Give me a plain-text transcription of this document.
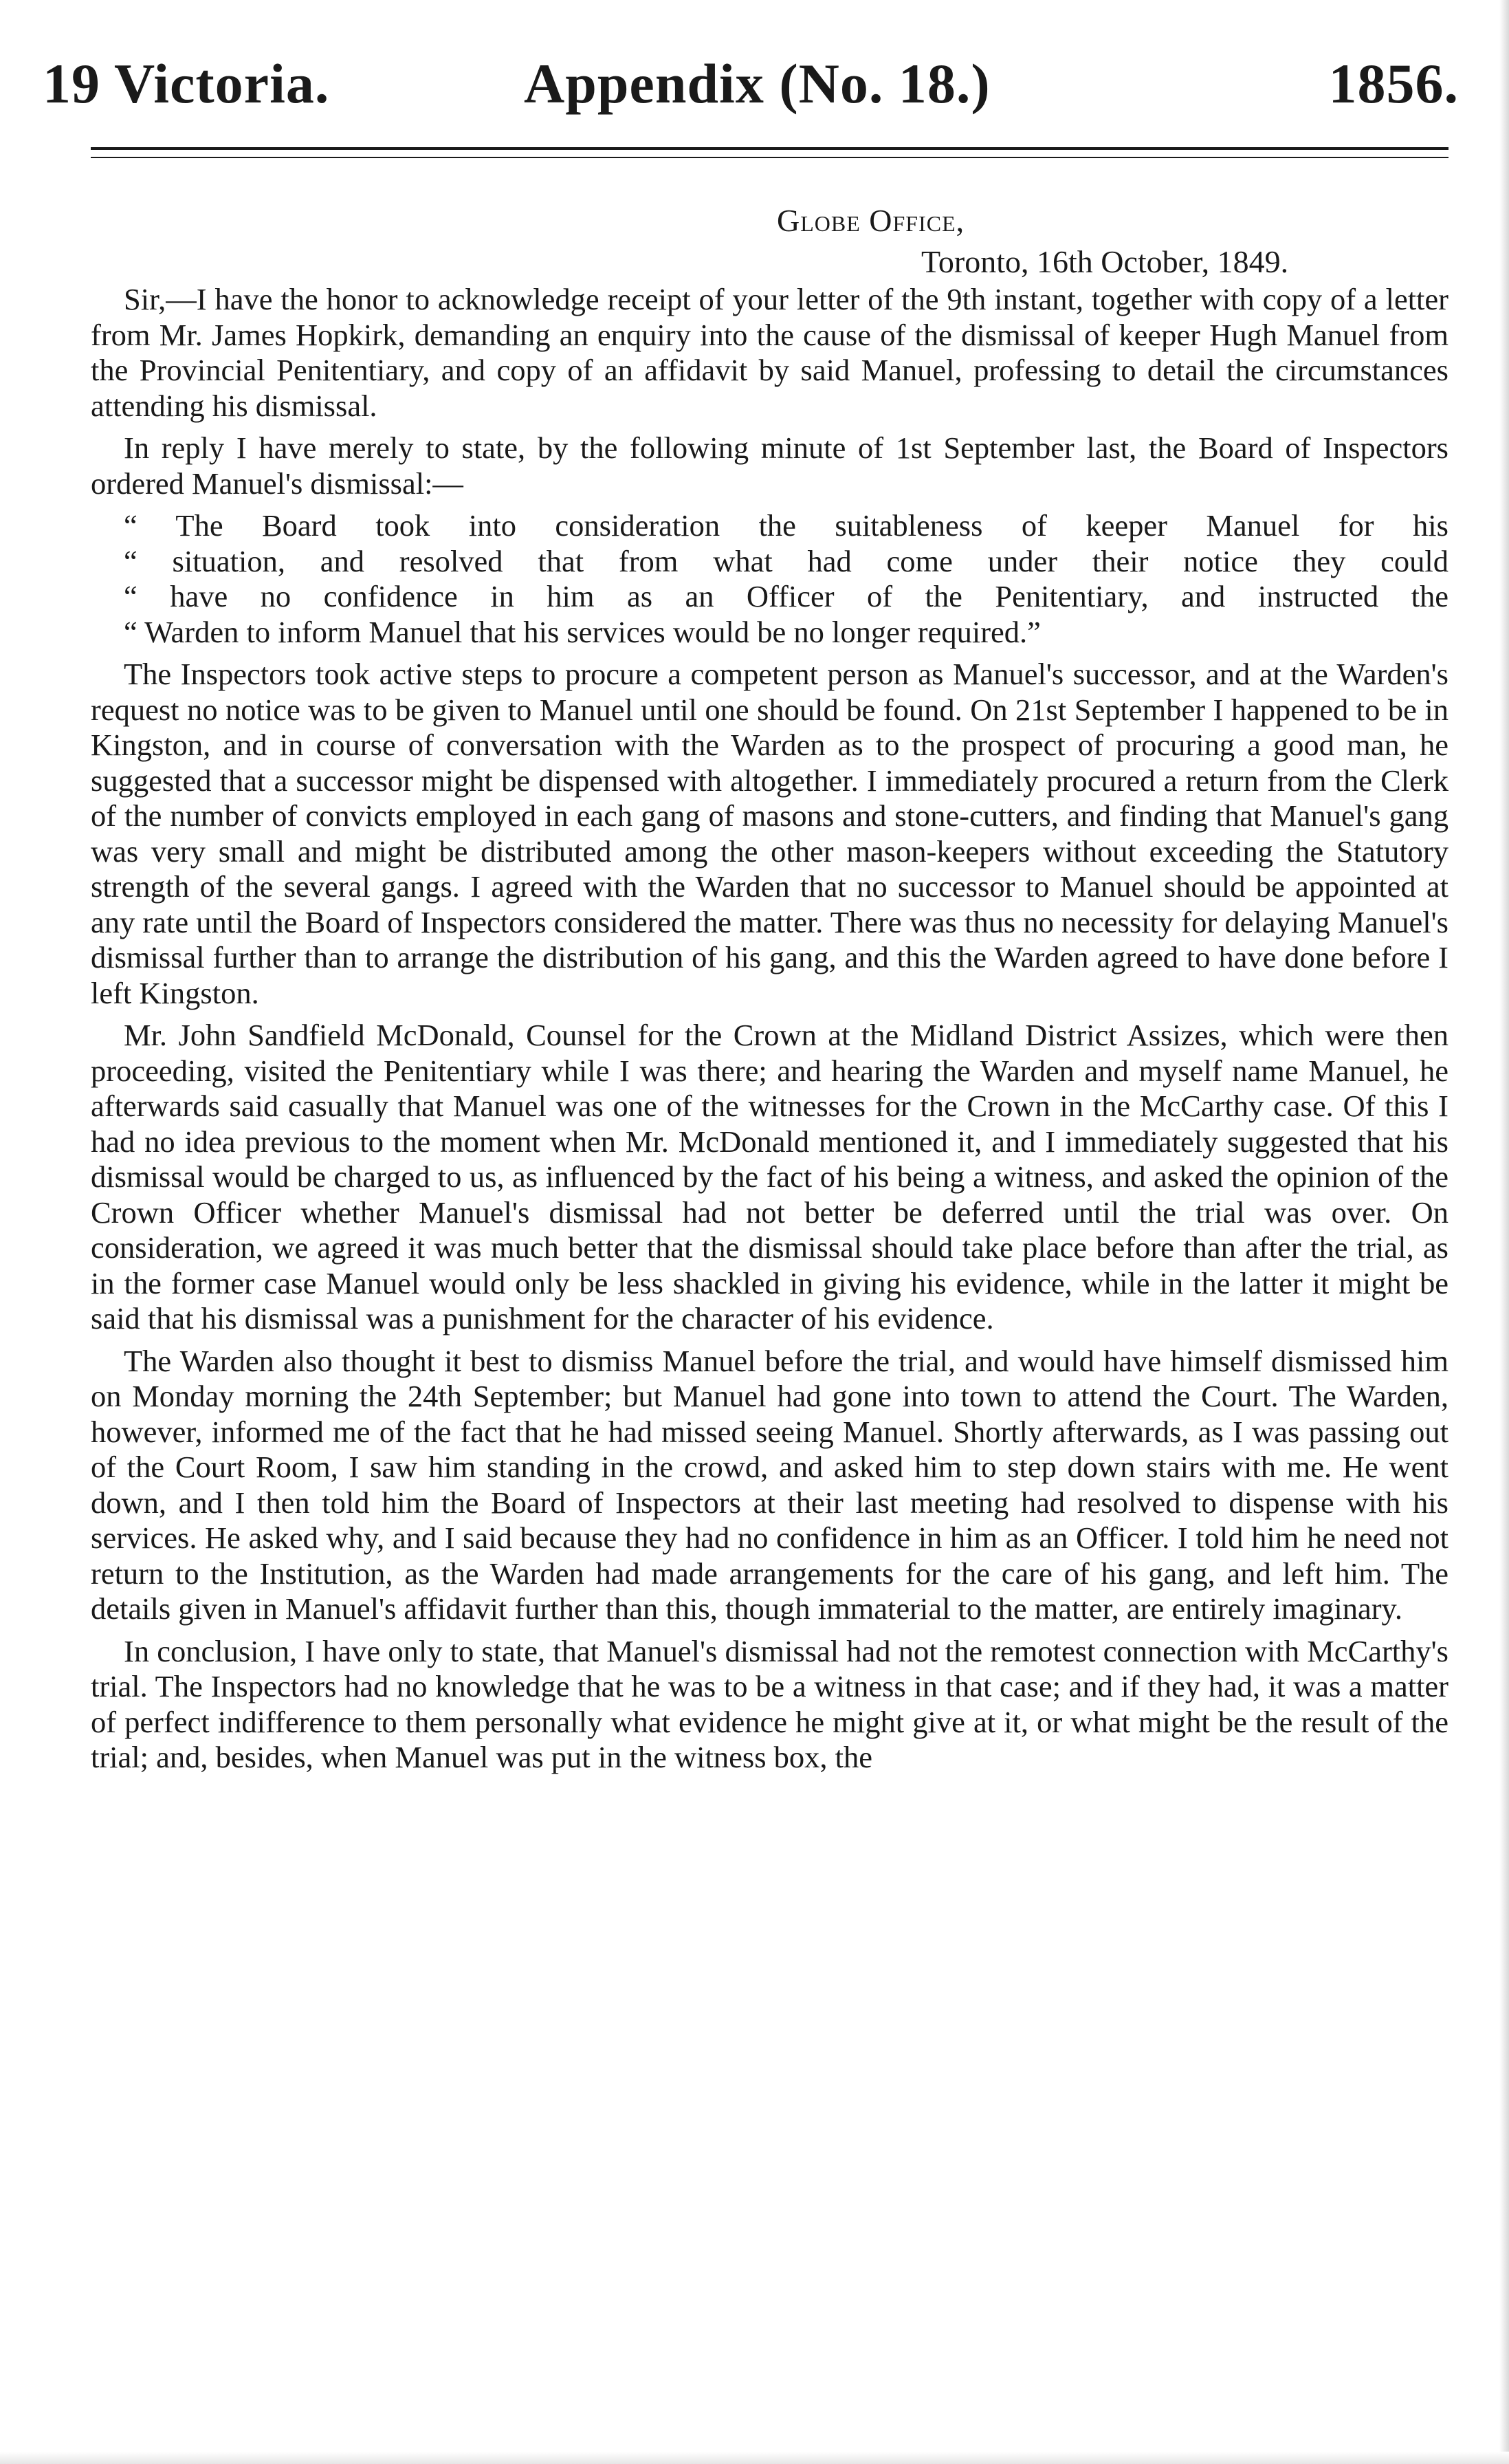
19 Victoria.	Appendix (No. 18.)	1856.
Globe Office,
Toronto, 16th October, 1849.

Sir,—I have the honor to acknowledge receipt of your letter of the 9th instant, together with copy of a letter from Mr. James Hopkirk, demanding an enquiry into the cause of the dismissal of keeper Hugh Manuel from the Provincial Penitentiary, and copy of an affidavit by said Manuel, professing to detail the circumstances attending his dismissal.

In reply I have merely to state, by the following minute of 1st September last, the Board of Inspectors ordered Manuel's dismissal:—

“ The Board took into consideration the suitableness of keeper Manuel for his
“ situation, and resolved that from what had come under their notice they could
“ have no confidence in him as an Officer of the Penitentiary, and instructed the
“ Warden to inform Manuel that his services would be no longer required.”

The Inspectors took active steps to procure a competent person as Manuel's successor, and at the Warden's request no notice was to be given to Manuel until one should be found. On 21st September I happened to be in Kingston, and in course of conversation with the Warden as to the prospect of procuring a good man, he suggested that a successor might be dispensed with altogether. I immediately procured a return from the Clerk of the number of convicts employed in each gang of masons and stone-cutters, and finding that Manuel's gang was very small and might be distributed among the other mason-keepers without exceeding the Statutory strength of the several gangs. I agreed with the Warden that no successor to Manuel should be appointed at any rate until the Board of Inspectors considered the matter. There was thus no necessity for delaying Manuel's dismissal further than to arrange the distribution of his gang, and this the Warden agreed to have done before I left Kingston.

Mr. John Sandfield McDonald, Counsel for the Crown at the Midland District Assizes, which were then proceeding, visited the Penitentiary while I was there; and hearing the Warden and myself name Manuel, he afterwards said casually that Manuel was one of the witnesses for the Crown in the McCarthy case. Of this I had no idea previous to the moment when Mr. McDonald mentioned it, and I immediately suggested that his dismissal would be charged to us, as influenced by the fact of his being a witness, and asked the opinion of the Crown Officer whether Manuel's dismissal had not better be deferred until the trial was over. On consideration, we agreed it was much better that the dismissal should take place before than after the trial, as in the former case Manuel would only be less shackled in giving his evidence, while in the latter it might be said that his dismissal was a punishment for the character of his evidence.

The Warden also thought it best to dismiss Manuel before the trial, and would have himself dismissed him on Monday morning the 24th September; but Manuel had gone into town to attend the Court. The Warden, however, informed me of the fact that he had missed seeing Manuel. Shortly afterwards, as I was passing out of the Court Room, I saw him standing in the crowd, and asked him to step down stairs with me. He went down, and I then told him the Board of Inspectors at their last meeting had resolved to dispense with his services. He asked why, and I said because they had no confidence in him as an Officer. I told him he need not return to the Institution, as the Warden had made arrangements for the care of his gang, and left him. The details given in Manuel's affidavit further than this, though immaterial to the matter, are entirely imaginary.

In conclusion, I have only to state, that Manuel's dismissal had not the remotest connection with McCarthy's trial. The Inspectors had no knowledge that he was to be a witness in that case; and if they had, it was a matter of perfect indifference to them personally what evidence he might give at it, or what might be the result of the trial; and, besides, when Manuel was put in the witness box, the
